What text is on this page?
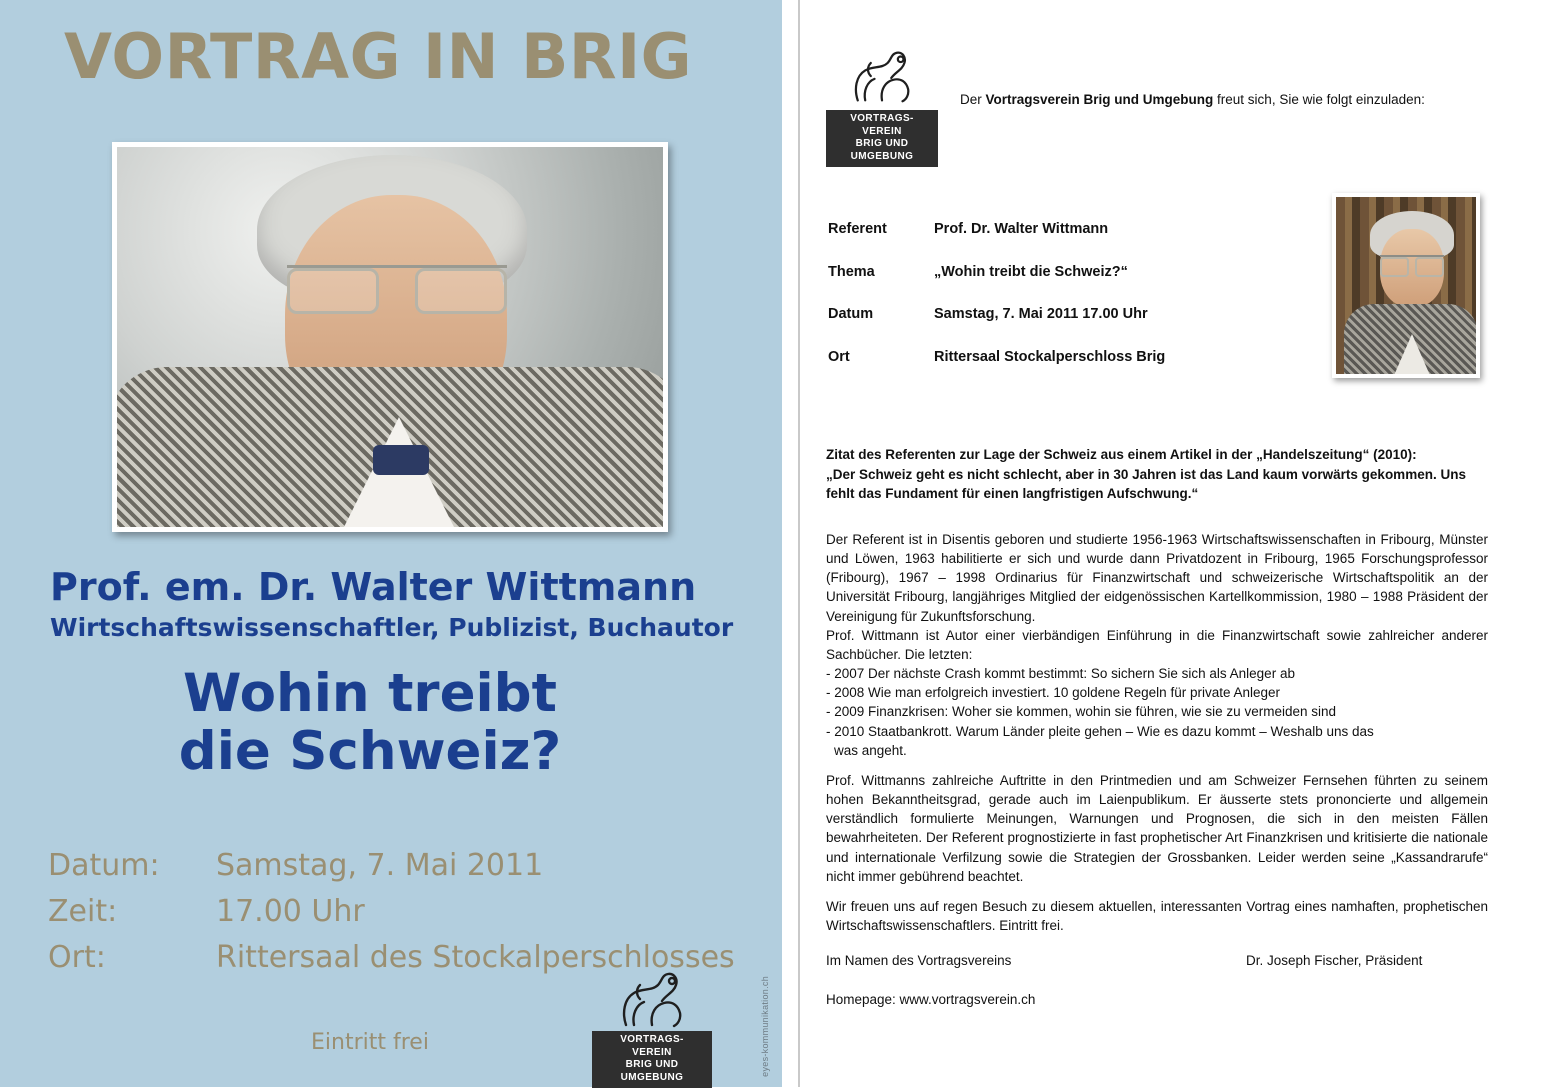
VORTRAG IN BRIG
Prof. em. Dr. Walter Wittmann
Wirtschaftswissenschaftler, Publizist, Buchautor
Wohin treibt
die Schweiz?
Datum:	Samstag, 7. Mai 2011
Zeit:	17.00 Uhr
Ort:	Rittersaal des Stockalperschlosses
Eintritt frei	VORTRAGS-
VEREIN
BRIG UND UMGEBUNG	eyes-kommunikation.ch
VORTRAGS-
VEREIN
BRIG UND UMGEBUNG
Der Vortragsverein Brig und Umgebung freut sich, Sie wie folgt einzuladen:
Referent	Prof. Dr. Walter Wittmann
Thema	„Wohin treibt die Schweiz?“
Datum	Samstag, 7. Mai 2011 17.00 Uhr
Ort	Rittersaal Stockalperschloss Brig
Zitat des Referenten zur Lage der Schweiz aus einem Artikel in der „Handelszeitung“ (2010):
„Der Schweiz geht es nicht schlecht, aber in 30 Jahren ist das Land kaum vorwärts gekommen. Uns fehlt das Fundament für einen langfristigen Aufschwung.“

Der Referent ist in Disentis geboren und studierte 1956-1963 Wirtschaftswissenschaften in Fribourg, Münster und Löwen, 1963 habilitierte er sich und wurde dann Privatdozent in Fribourg, 1965 Forschungsprofessor (Fribourg), 1967 – 1998 Ordinarius für Finanzwirtschaft und schweizerische Wirtschaftspolitik an der Universität Fribourg, langjähriges Mitglied der eidgenössischen Kartellkommission, 1980 – 1988 Präsident der Vereinigung für Zukunftsforschung.

Prof. Wittmann ist Autor einer vierbändigen Einführung in die Finanzwirtschaft sowie zahlreicher anderer Sachbücher. Die letzten:

- 2007 Der nächste Crash kommt bestimmt: So sichern Sie sich als Anleger ab
- 2008 Wie man erfolgreich investiert. 10 goldene Regeln für private Anleger
- 2009 Finanzkrisen: Woher sie kommen, wohin sie führen, wie sie zu vermeiden sind
- 2010 Staatbankrott. Warum Länder pleite gehen – Wie es dazu kommt – Weshalb uns das
was angeht.

Prof. Wittmanns zahlreiche Auftritte in den Printmedien und am Schweizer Fernsehen führten zu seinem hohen Bekanntheitsgrad, gerade auch im Laienpublikum. Er äusserte stets prononcierte und allgemein verständlich formulierte Meinungen, Warnungen und Prognosen, die sich in den meisten Fällen bewahrheiteten. Der Referent prognostizierte in fast prophetischer Art Finanzkrisen und kritisierte die nationale und internationale Verfilzung sowie die Strategien der Grossbanken. Leider werden seine „Kassandrarufe“ nicht immer gebührend beachtet.

Wir freuen uns auf regen Besuch zu diesem aktuellen, interessanten Vortrag eines namhaften, prophetischen Wirtschaftswissenschaftlers. Eintritt frei.

Im Namen des Vortragsvereins	Dr. Joseph Fischer, Präsident
Homepage: www.vortragsverein.ch
